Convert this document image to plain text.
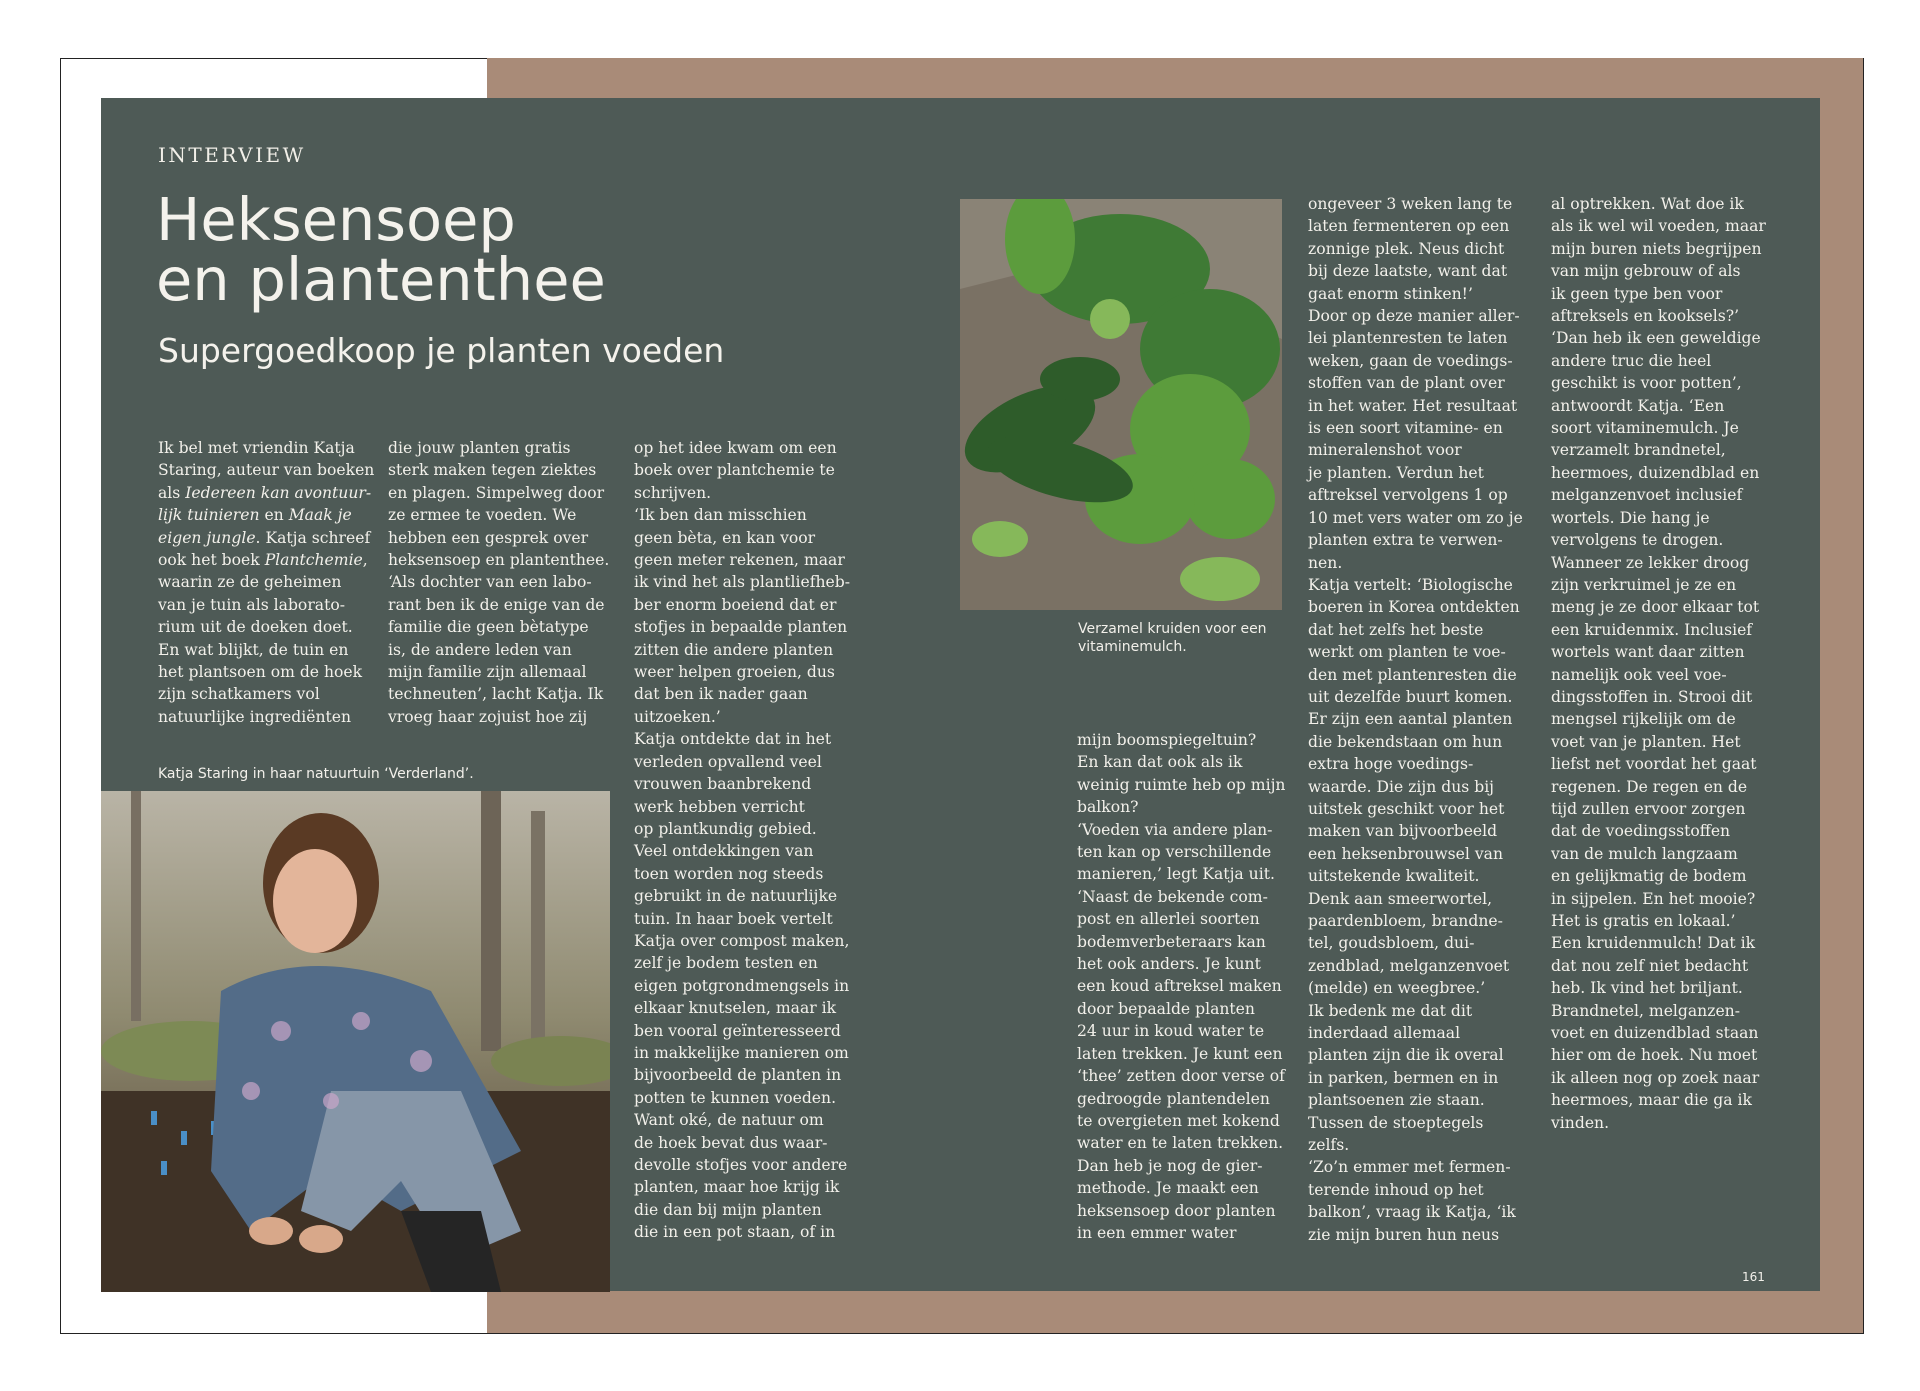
INTERVIEW
Heksensoep
en plantenthee
Supergoedkoop je planten voeden

Ik bel met vriendin Katja

Staring, auteur van boeken

als Iedereen kan avontuur-

lijk tuinieren en Maak je

eigen jungle. Katja schreef

ook het boek Plantchemie,

waarin ze de geheimen

van je tuin als laborato-

rium uit de doeken doet.

En wat blijkt, de tuin en

het plantsoen om de hoek

zijn schatkamers vol

natuurlijke ingrediënten

die jouw planten gratis

sterk maken tegen ziektes

en plagen. Simpelweg door

ze ermee te voeden. We

hebben een gesprek over

heksensoep en plantenthee.

‘Als dochter van een labo-

rant ben ik de enige van de

familie die geen bètatype

is, de andere leden van

mijn familie zijn allemaal

techneuten’, lacht Katja. Ik

vroeg haar zojuist hoe zij

op het idee kwam om een

boek over plantchemie te

schrijven.

‘Ik ben dan misschien

geen bèta, en kan voor

geen meter rekenen, maar

ik vind het als plantliefheb-

ber enorm boeiend dat er

stofjes in bepaalde planten

zitten die andere planten

weer helpen groeien, dus

dat ben ik nader gaan

uitzoeken.’

Katja ontdekte dat in het

verleden opvallend veel

vrouwen baanbrekend

werk hebben verricht

op plantkundig gebied.

Veel ontdekkingen van

toen worden nog steeds

gebruikt in de natuurlijke

tuin. In haar boek vertelt

Katja over compost maken,

zelf je bodem testen en

eigen potgrondmengsels in

elkaar knutselen, maar ik

ben vooral geïnteresseerd

in makkelijke manieren om

bijvoorbeeld de planten in

potten te kunnen voeden.

Want oké, de natuur om

de hoek bevat dus waar-

devolle stofjes voor andere

planten, maar hoe krijg ik

die dan bij mijn planten

die in een pot staan, of in

Katja Staring in haar natuurtuin ‘Verderland’.
Verzamel kruiden voor een vitaminemulch.

mijn boomspiegeltuin?

En kan dat ook als ik

weinig ruimte heb op mijn

balkon?

‘Voeden via andere plan-

ten kan op verschillende

manieren,’ legt Katja uit.

‘Naast de bekende com-

post en allerlei soorten

bodemverbeteraars kan

het ook anders. Je kunt

een koud aftreksel maken

door bepaalde planten

24 uur in koud water te

laten trekken. Je kunt een

‘thee’ zetten door verse of

gedroogde plantendelen

te overgieten met kokend

water en te laten trekken.

Dan heb je nog de gier-

methode. Je maakt een

heksensoep door planten

in een emmer water

ongeveer 3 weken lang te

laten fermenteren op een

zonnige plek. Neus dicht

bij deze laatste, want dat

gaat enorm stinken!’

Door op deze manier aller-

lei plantenresten te laten

weken, gaan de voedings-

stoffen van de plant over

in het water. Het resultaat

is een soort vitamine- en

mineralenshot voor

je planten. Verdun het

aftreksel vervolgens 1 op

10 met vers water om zo je

planten extra te verwen-

nen.

Katja vertelt: ‘Biologische

boeren in Korea ontdekten

dat het zelfs het beste

werkt om planten te voe-

den met plantenresten die

uit dezelfde buurt komen.

Er zijn een aantal planten

die bekendstaan om hun

extra hoge voedings-

waarde. Die zijn dus bij

uitstek geschikt voor het

maken van bijvoorbeeld

een heksenbrouwsel van

uitstekende kwaliteit.

Denk aan smeerwortel,

paardenbloem, brandne-

tel, goudsbloem, dui-

zendblad, melganzenvoet

(melde) en weegbree.’

Ik bedenk me dat dit

inderdaad allemaal

planten zijn die ik overal

in parken, bermen en in

plantsoenen zie staan.

Tussen de stoeptegels

zelfs.

‘Zo’n emmer met fermen-

terende inhoud op het

balkon’, vraag ik Katja, ‘ik

zie mijn buren hun neus

al optrekken. Wat doe ik

als ik wel wil voeden, maar

mijn buren niets begrijpen

van mijn gebrouw of als

ik geen type ben voor

aftreksels en kooksels?’

‘Dan heb ik een geweldige

andere truc die heel

geschikt is voor potten’,

antwoordt Katja. ‘Een

soort vitaminemulch. Je

verzamelt brandnetel,

heermoes, duizendblad en

melganzenvoet inclusief

wortels. Die hang je

vervolgens te drogen.

Wanneer ze lekker droog

zijn verkruimel je ze en

meng je ze door elkaar tot

een kruidenmix. Inclusief

wortels want daar zitten

namelijk ook veel voe-

dingsstoffen in. Strooi dit

mengsel rijkelijk om de

voet van je planten. Het

liefst net voordat het gaat

regenen. De regen en de

tijd zullen ervoor zorgen

dat de voedingsstoffen

van de mulch langzaam

en gelijkmatig de bodem

in sijpelen. En het mooie?

Het is gratis en lokaal.’

Een kruidenmulch! Dat ik

dat nou zelf niet bedacht

heb. Ik vind het briljant.

Brandnetel, melganzen-

voet en duizendblad staan

hier om de hoek. Nu moet

ik alleen nog op zoek naar

heermoes, maar die ga ik

vinden.

161
